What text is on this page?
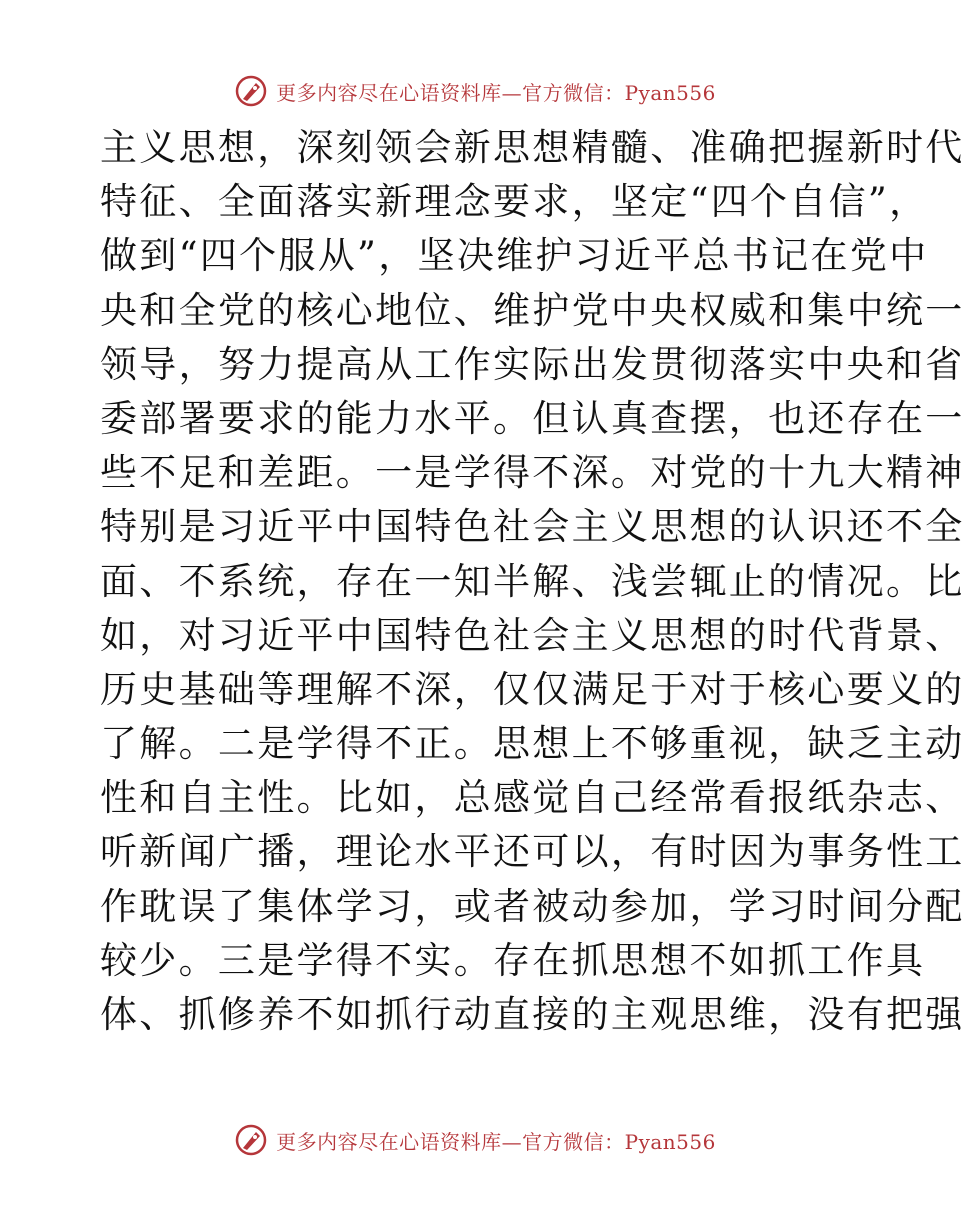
更多内容尽在心语资料库—官方微信：Pyan556
主义思想，深刻领会新思想精髓、准确把握新时代
特征、全面落实新理念要求，坚定“四个自信”，
做到“四个服从”，坚决维护习近平总书记在党中
央和全党的核心地位、维护党中央权威和集中统一
领导，努力提高从工作实际出发贯彻落实中央和省
委部署要求的能力水平。但认真查摆，也还存在一
些不足和差距。一是学得不深。对党的十九大精神
特别是习近平中国特色社会主义思想的认识还不全
面、不系统，存在一知半解、浅尝辄止的情况。比
如，对习近平中国特色社会主义思想的时代背景、
历史基础等理解不深，仅仅满足于对于核心要义的
了解。二是学得不正。思想上不够重视，缺乏主动
性和自主性。比如，总感觉自己经常看报纸杂志、
听新闻广播，理论水平还可以，有时因为事务性工
作耽误了集体学习，或者被动参加，学习时间分配
较少。三是学得不实。存在抓思想不如抓工作具
体、抓修养不如抓行动直接的主观思维，没有把强
更多内容尽在心语资料库—官方微信：Pyan556
